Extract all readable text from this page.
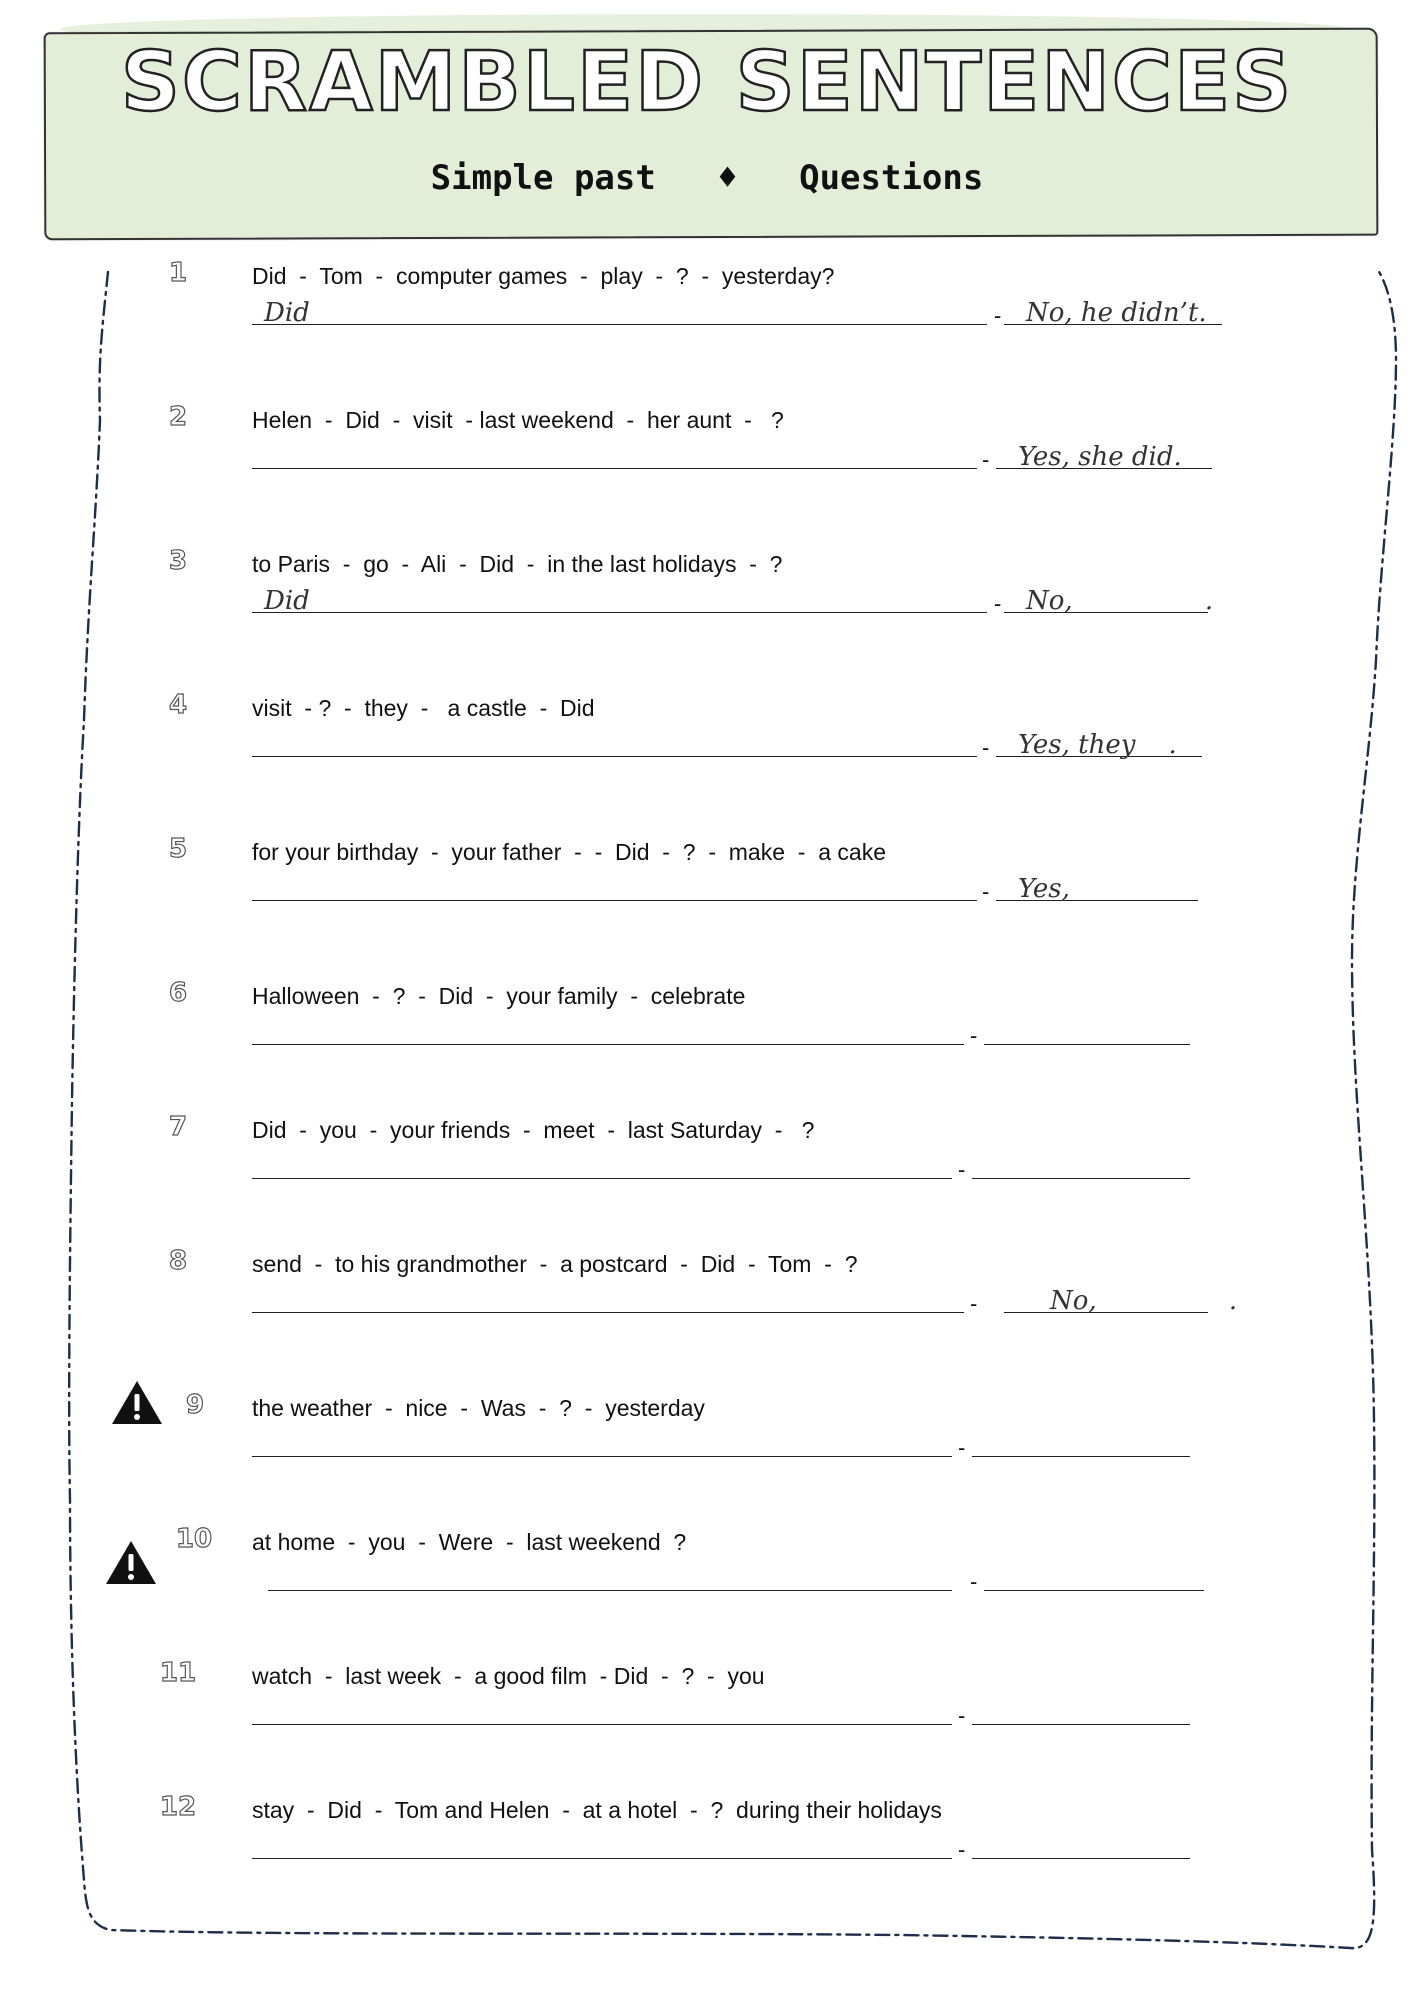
SCRAMBLED SENTENCES
Simple past   ♦   Questions
1	Did  -  Tom  -  computer games  -  play  -  ?  -  yesterday?
Did	- No, he didn’t.
2	Helen  -  Did  -  visit  - last weekend  -  her aunt  -   ?
- Yes, she did.
3	to Paris  -  go  -  Ali  -  Did  -  in the last holidays  -  ?
Did	- No,                .
4	visit  - ?  -  they  -   a castle  -  Did
- Yes, they    .
5	for your birthday  -  your father  -  -  Did  -  ?  -  make  -  a cake
- Yes,
6	Halloween  -  ?  -  Did  -  your family  -  celebrate
-
7	Did  -  you  -  your friends  -  meet  -  last Saturday  -   ?
-
8	send  -  to his grandmother  -  a postcard  -  Did  -  Tom  -  ?
-	No,                .
9	the weather  -  nice  -  Was  -  ?  -  yesterday
-
10 at home  -  you  -  Were  -  last weekend  ?
-
11 watch  -  last week  -  a good film  - Did  -  ?  -  you
-
12 stay  -  Did  -  Tom and Helen  -  at a hotel  -  ?  during their holidays
-
